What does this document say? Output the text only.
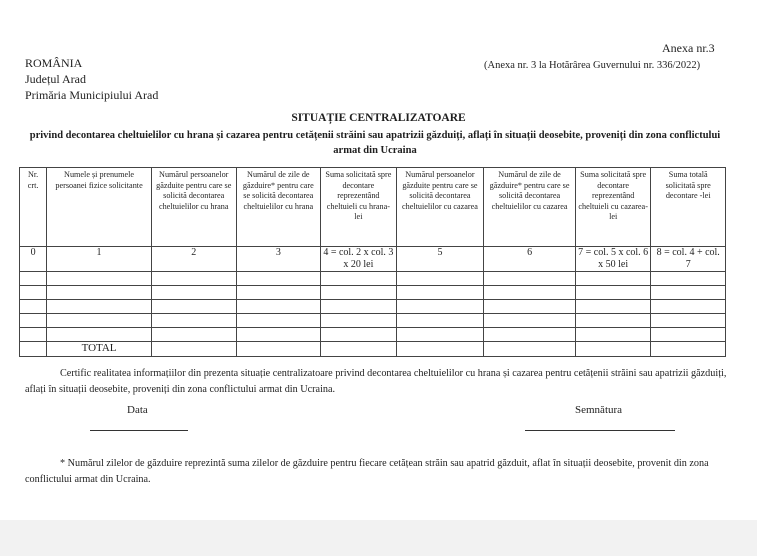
Anexa nr.3
(Anexa nr. 3 la Hotărârea Guvernului nr. 336/2022)
ROMÂNIA
Județul Arad
Primăria Municipiului Arad
SITUAȚIE CENTRALIZATOARE
privind decontarea cheltuielilor cu hrana și cazarea pentru cetățenii străini sau apatrizii găzduiți, aflați în situații deosebite, proveniți din zona conflictului armat din Ucraina
Nr. crt.	Numele și prenumele persoanei fizice solicitante	Numărul persoanelor găzduite pentru care se solicită decontarea cheltuielilor cu hrana	Numărul de zile de găzduire* pentru care se solicită decontarea cheltuielilor cu hrana	Suma solicitată spre decontare reprezentând cheltuieli cu hrana-lei	Numărul persoanelor găzduite pentru care se solicită decontarea cheltuielilor cu cazarea	Numărul de zile de găzduire* pentru care se solicită decontarea cheltuielilor cu cazarea	Suma solicitată spre decontare reprezentând cheltuieli cu cazarea-lei	Suma totală solicitată spre decontare -lei
0	1	2	3	4 = col. 2 x col. 3 x 20 lei	5	6	7 = col. 5 x col. 6 x 50 lei	8 = col. 4 + col. 7

	TOTAL							
Certific realitatea informațiilor din prezenta situație centralizatoare privind decontarea cheltuielilor cu hrana și cazarea pentru cetățenii străini sau apatrizii găzduiți, aflați în situații deosebite, proveniți din zona conflictului armat din Ucraina.
Data	Semnătura
* Numărul zilelor de găzduire reprezintă suma zilelor de găzduire pentru fiecare cetățean străin sau apatrid găzduit, aflat în situații deosebite, provenit din zona conflictului armat din Ucraina.
